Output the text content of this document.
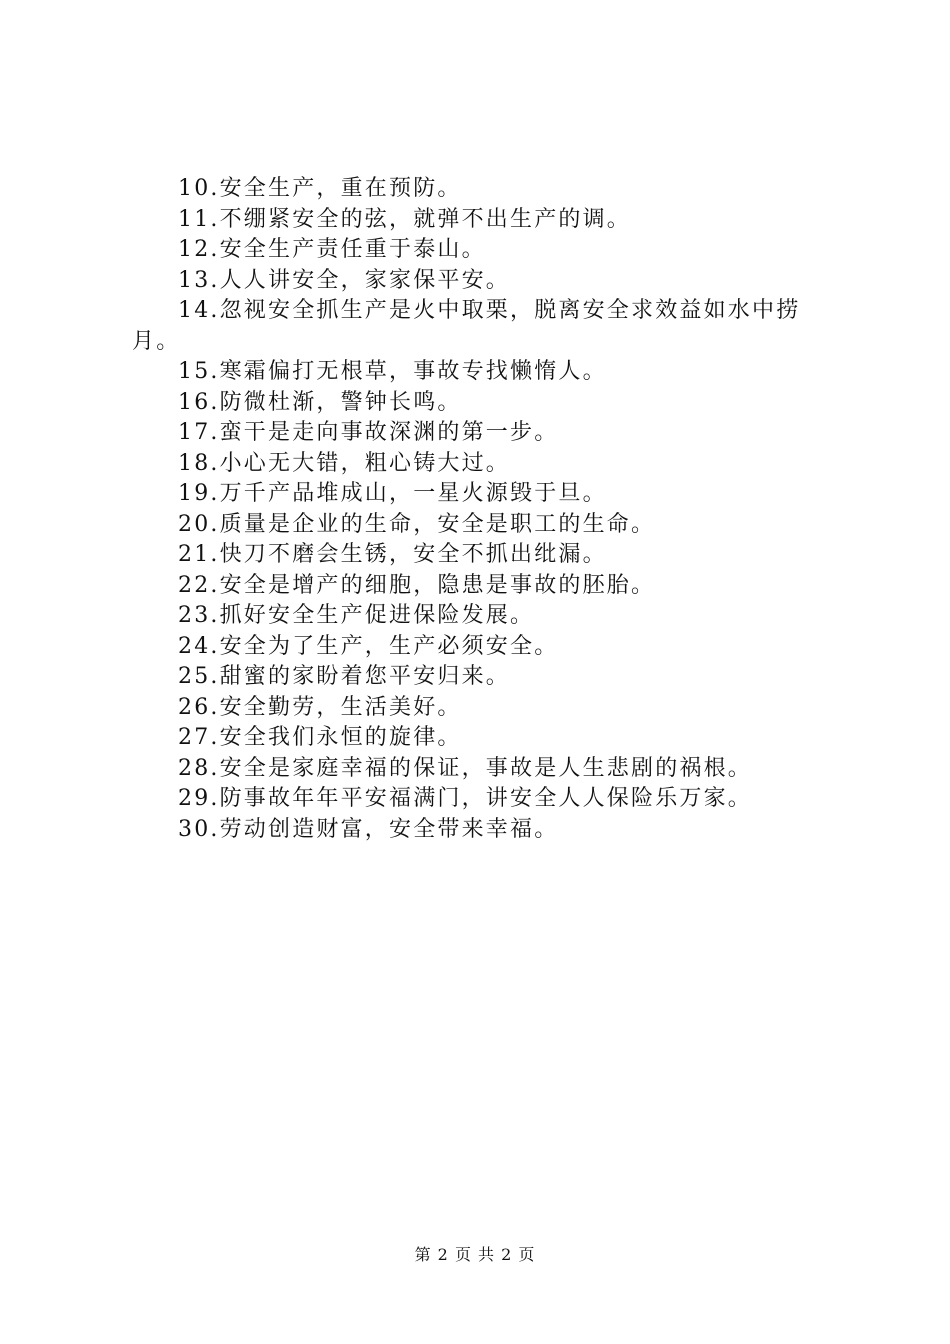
10.安全生产，重在预防。

11.不绷紧安全的弦，就弹不出生产的调。

12.安全生产责任重于泰山。

13.人人讲安全，家家保平安。

14.忽视安全抓生产是火中取栗，脱离安全求效益如水中捞月。

15.寒霜偏打无根草，事故专找懒惰人。

16.防微杜渐，警钟长鸣。

17.蛮干是走向事故深渊的第一步。

18.小心无大错，粗心铸大过。

19.万千产品堆成山，一星火源毁于旦。

20.质量是企业的生命，安全是职工的生命。

21.快刀不磨会生锈，安全不抓出纰漏。

22.安全是增产的细胞，隐患是事故的胚胎。

23.抓好安全生产促进保险发展。

24.安全为了生产，生产必须安全。

25.甜蜜的家盼着您平安归来。

26.安全勤劳，生活美好。

27.安全我们永恒的旋律。

28.安全是家庭幸福的保证，事故是人生悲剧的祸根。

29.防事故年年平安福满门，讲安全人人保险乐万家。

30.劳动创造财富，安全带来幸福。

第 2 页 共 2 页
